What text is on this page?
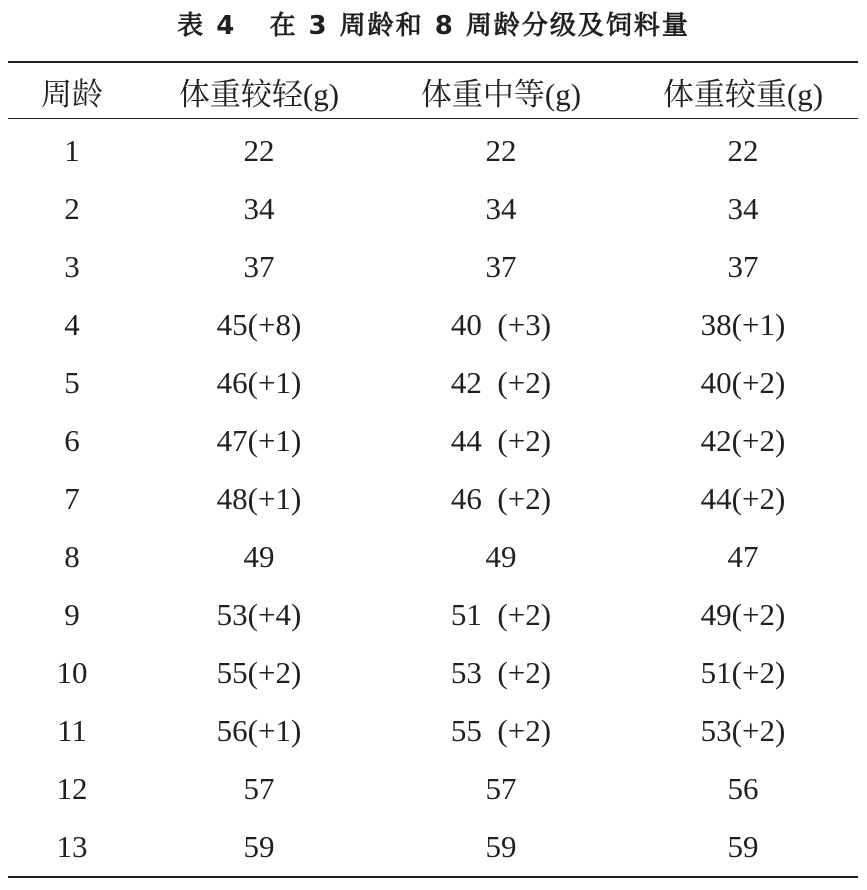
表 4   在 3 周龄和 8 周龄分级及饲料量
周龄	体重较轻(g)	体重中等(g)	体重较重(g)
1	22	22	22
2	34	34	34
3	37	37	37
4	45(+8)	40  (+3)	38(+1)
5	46(+1)	42  (+2)	40(+2)
6	47(+1)	44  (+2)	42(+2)
7	48(+1)	46  (+2)	44(+2)
8	49	49	47
9	53(+4)	51  (+2)	49(+2)
10	55(+2)	53  (+2)	51(+2)
11	56(+1)	55  (+2)	53(+2)
12	57	57	56
13	59	59	59
